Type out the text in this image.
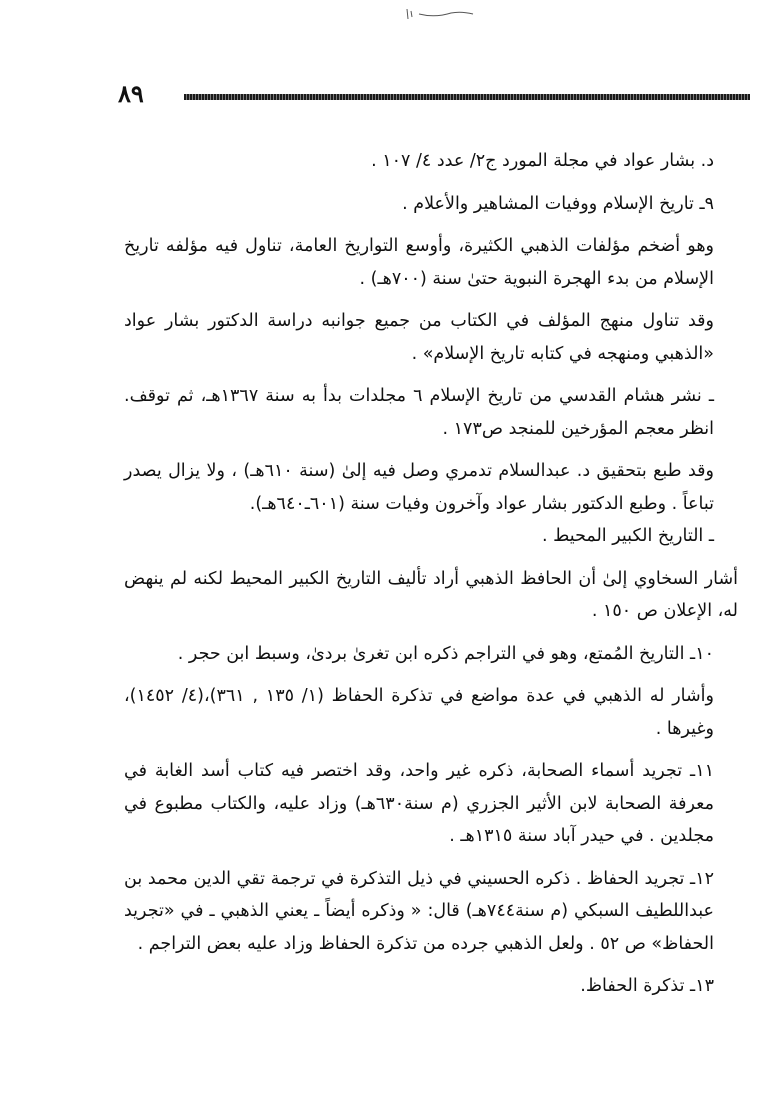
٨٩

د. بشار عواد في مجلة المورد ج٢/ عدد ٤/ ١٠٧ .

٩ـ تاريخ الإسلام ووفيات المشاهير والأعلام .

وهو أضخم مؤلفات الذهبي الكثيرة، وأوسع التواريخ العامة، تناول فيه مؤلفه تاريخ الإسلام من بدء الهجرة النبوية حتىٰ سنة (٧٠٠هـ) .

وقد تناول منهج المؤلف في الكتاب من جميع جوانبه دراسة الدكتور بشار عواد «الذهبي ومنهجه في كتابه تاريخ الإسلام» .

ـ نشر هشام القدسي من تاريخ الإسلام ٦ مجلدات بدأ به سنة ١٣٦٧هـ، ثم توقف. انظر معجم المؤرخين للمنجد ص١٧٣ .

وقد طبع بتحقيق د. عبدالسلام تدمري وصل فيه إلىٰ (سنة ٦١٠هـ) ، ولا يزال يصدر تباعاً . وطبع الدكتور بشار عواد وآخرون وفيات سنة (٦٠١ـ٦٤٠هـ).

ـ التاريخ الكبير المحيط .

أشار السخاوي إلىٰ أن الحافظ الذهبي أراد تأليف التاريخ الكبير المحيط لكنه لم ينهض له، الإعلان ص ١٥٠ .

١٠ـ التاريخ المُمتع، وهو في التراجم ذكره ابن تغرىٰ بردىٰ، وسبط ابن حجر .

وأشار له الذهبي في عدة مواضع في تذكرة الحفاظ (١/ ١٣٥ , ٣٦١)،(٤/ ١٤٥٢)، وغيرها .

١١ـ تجريد أسماء الصحابة، ذكره غير واحد، وقد اختصر فيه كتاب أسد الغابة في معرفة الصحابة لابن الأثير الجزري (م سنة٦٣٠هـ) وزاد عليه، والكتاب مطبوع في مجلدين . في حيدر آباد سنة ١٣١٥هـ .

١٢ـ تجريد الحفاظ . ذكره الحسيني في ذيل التذكرة في ترجمة تقي الدين محمد بن عبداللطيف السبكي (م سنة٧٤٤هـ) قال: « وذكره أيضاً ـ يعني الذهبي ـ في «تجريد الحفاظ» ص ٥٢ . ولعل الذهبي جرده من تذكرة الحفاظ وزاد عليه بعض التراجم .

١٣ـ تذكرة الحفاظ.
